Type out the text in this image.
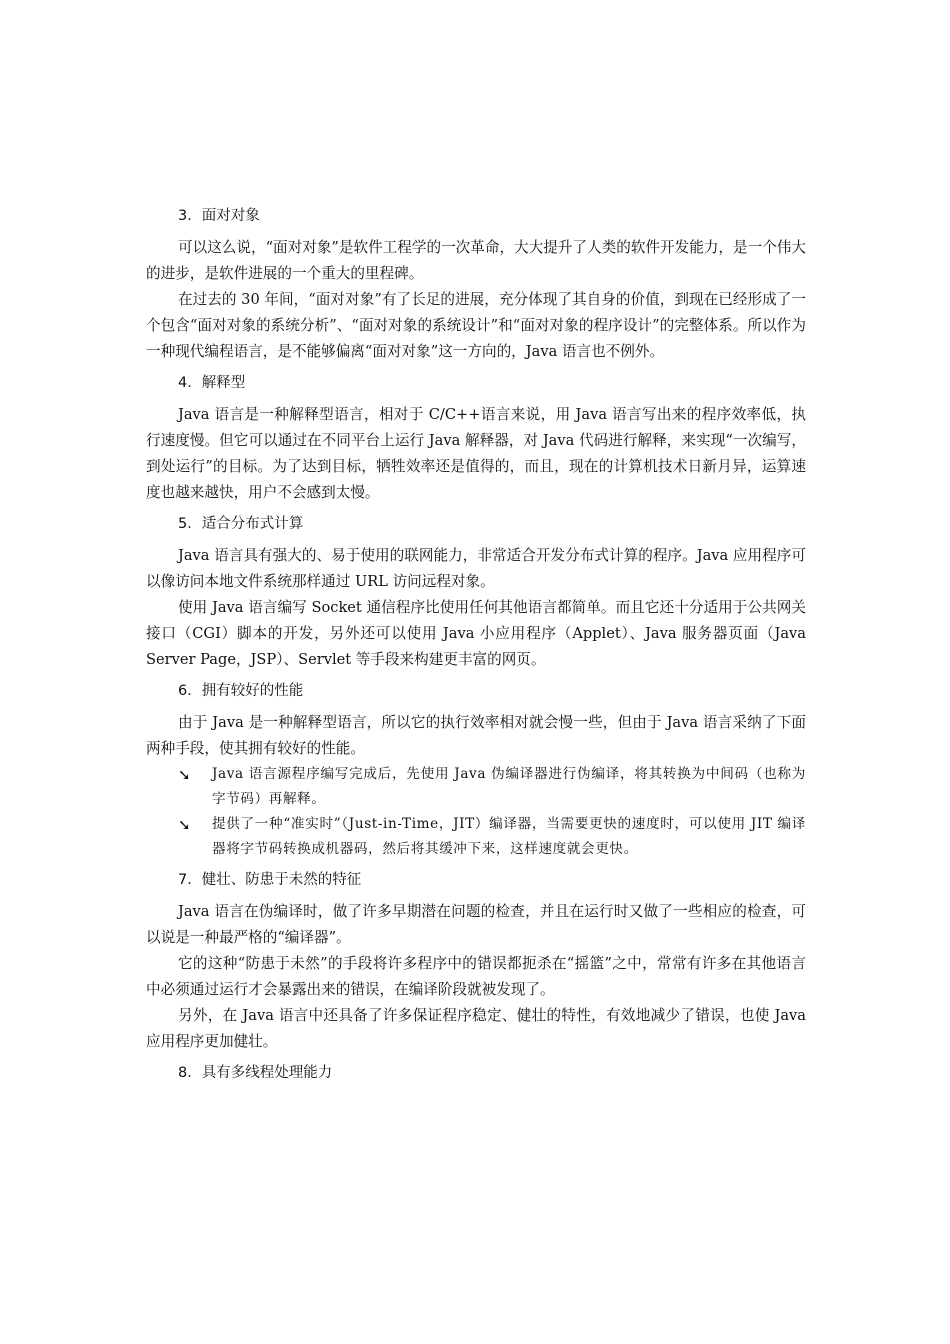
3．面对对象

可以这么说，“面对对象”是软件工程学的一次革命，大大提升了人类的软件开发能力，是一个伟大的进步，是软件进展的一个重大的里程碑。

在过去的 30 年间，“面对对象”有了长足的进展，充分体现了其自身的价值，到现在已经形成了一个包含“面对对象的系统分析”、“面对对象的系统设计”和“面对对象的程序设计”的完整体系。所以作为一种现代编程语言，是不能够偏离“面对对象”这一方向的，Java 语言也不例外。

4．解释型

Java 语言是一种解释型语言，相对于 C/C++语言来说，用 Java 语言写出来的程序效率低，执行速度慢。但它可以通过在不同平台上运行 Java 解释器，对 Java 代码进行解释，来实现“一次编写，到处运行”的目标。为了达到目标，牺牲效率还是值得的，而且，现在的计算机技术日新月异，运算速度也越来越快，用户不会感到太慢。

5．适合分布式计算

Java 语言具有强大的、易于使用的联网能力，非常适合开发分布式计算的程序。Java 应用程序可以像访问本地文件系统那样通过 URL 访问远程对象。

使用 Java 语言编写 Socket 通信程序比使用任何其他语言都简单。而且它还十分适用于公共网关接口（CGI）脚本的开发，另外还可以使用 Java 小应用程序（Applet）、Java 服务器页面（Java Server Page，JSP）、Servlet 等手段来构建更丰富的网页。

6．拥有较好的性能

由于 Java 是一种解释型语言，所以它的执行效率相对就会慢一些，但由于 Java 语言采纳了下面两种手段，使其拥有较好的性能。

➘ Java 语言源程序编写完成后，先使用 Java 伪编译器进行伪编译，将其转换为中间码（也称为字节码）再解释。
➘ 提供了一种“准实时”（Just-in-Time，JIT）编译器，当需要更快的速度时，可以使用 JIT 编译器将字节码转换成机器码，然后将其缓冲下来，这样速度就会更快。
7．健壮、防患于未然的特征

Java 语言在伪编译时，做了许多早期潜在问题的检查，并且在运行时又做了一些相应的检查，可以说是一种最严格的“编译器”。

它的这种“防患于未然”的手段将许多程序中的错误都扼杀在“摇篮”之中，常常有许多在其他语言中必须通过运行才会暴露出来的错误，在编译阶段就被发现了。

另外，在 Java 语言中还具备了许多保证程序稳定、健壮的特性，有效地减少了错误，也使 Java 应用程序更加健壮。

8．具有多线程处理能力
